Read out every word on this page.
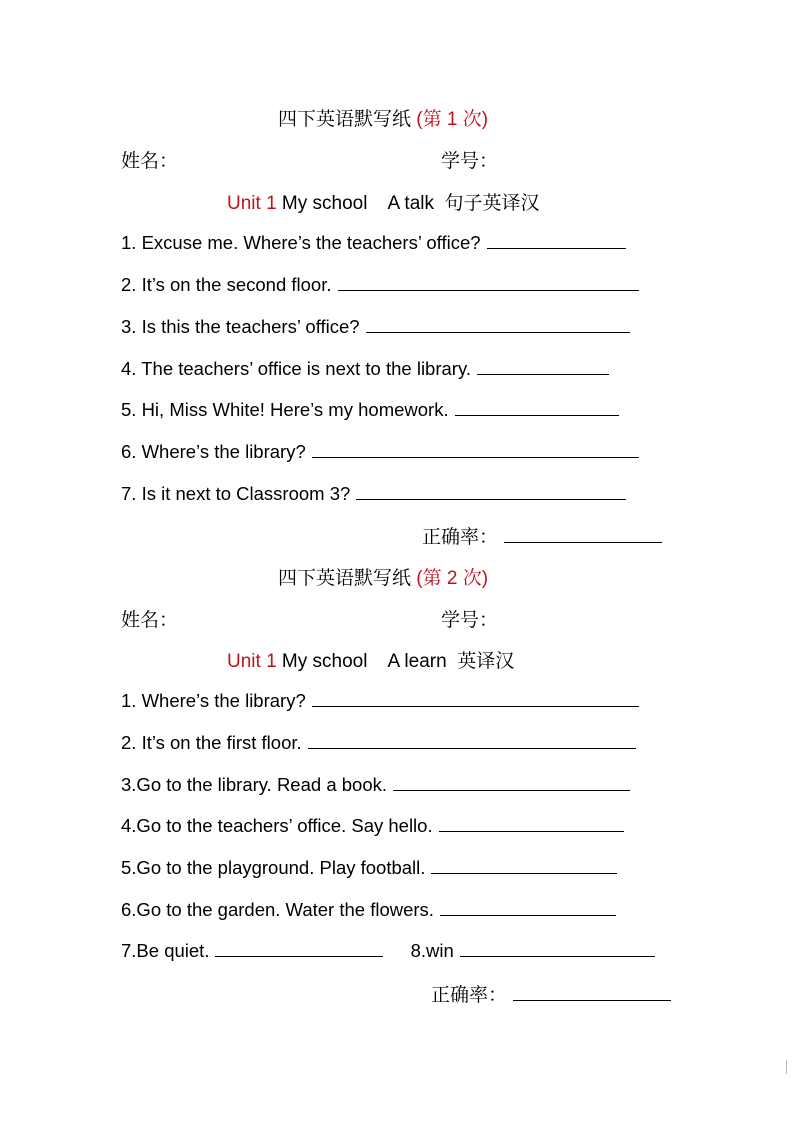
四下英语默写纸 (第 1 次)
姓名：	学号：
Unit 1 My school    A talk  句子英译汉
1. Excuse me. Where’s the teachers’ office?
2. It’s on the second floor.
3. Is this the teachers’ office?
4. The teachers’ office is next to the library.
5. Hi, Miss White! Here’s my homework.
6. Where’s the library?
7. Is it next to Classroom 3?
正确率：
四下英语默写纸 (第 2 次)
姓名：	学号：
Unit 1 My school    A learn  英译汉
1. Where’s the library?
2. It’s on the first floor.
3.Go to the library. Read a book.
4.Go to the teachers’ office. Say hello.
5.Go to the playground. Play football.
6.Go to the garden. Water the flowers.
7.Be quiet.	8.win
正确率：
